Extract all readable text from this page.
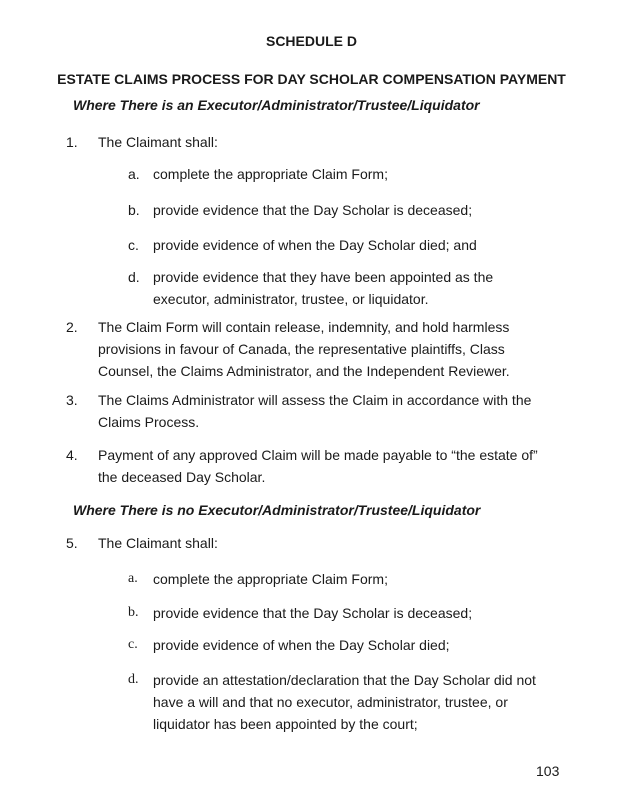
SCHEDULE D
ESTATE CLAIMS PROCESS FOR DAY SCHOLAR COMPENSATION PAYMENT
Where There is an Executor/Administrator/Trustee/Liquidator
1.	The Claimant shall:
a. complete the appropriate Claim Form;
b. provide evidence that the Day Scholar is deceased;
c.	provide evidence of when the Day Scholar died; and
d. provide evidence that they have been appointed as the executor, administrator, trustee, or liquidator.
2.	The Claim Form will contain release, indemnity, and hold harmless provisions in favour of Canada, the representative plaintiffs, Class Counsel, the Claims Administrator, and the Independent Reviewer.
3.	The Claims Administrator will assess the Claim in accordance with the Claims Process.
4.	Payment of any approved Claim will be made payable to “the estate of” the deceased Day Scholar.
Where There is no Executor/Administrator/Trustee/Liquidator
5.	The Claimant shall:
a.	complete the appropriate Claim Form;
b.	provide evidence that the Day Scholar is deceased;
c.	provide evidence of when the Day Scholar died;
d.	provide an attestation/declaration that the Day Scholar did not have a will and that no executor, administrator, trustee, or liquidator has been appointed by the court;
103
